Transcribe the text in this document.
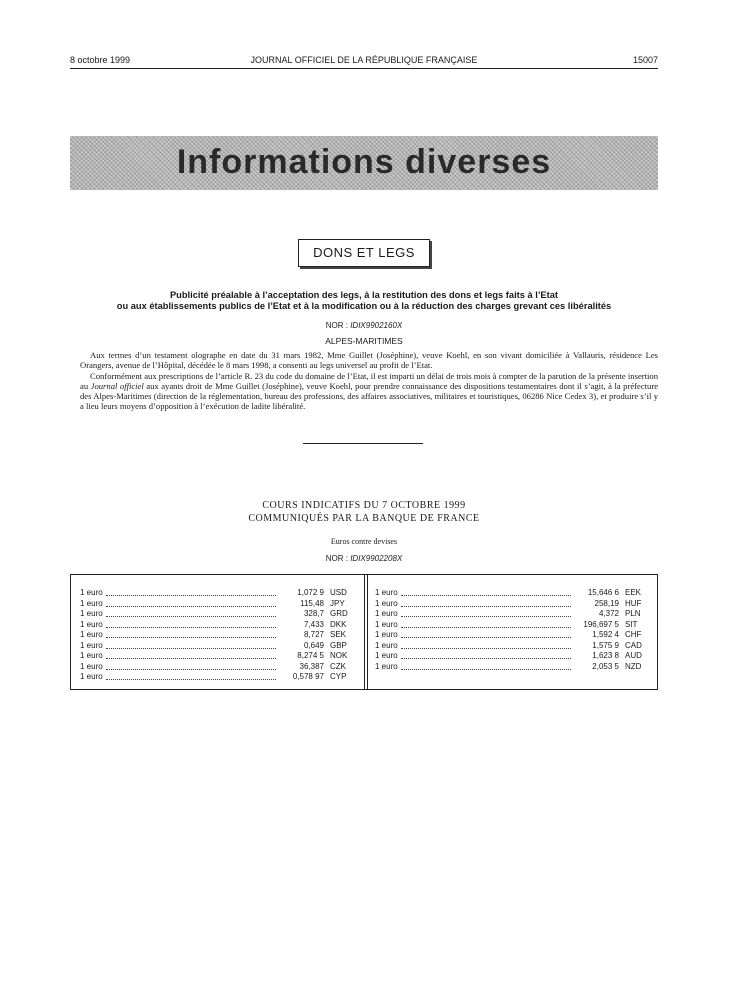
8 octobre 1999	JOURNAL OFFICIEL DE LA RÉPUBLIQUE FRANÇAISE	15007
Informations diverses
DONS ET LEGS
Publicité préalable à l’acceptation des legs, à la restitution des dons et legs faits à l’Etat
ou aux établissements publics de l’Etat et à la modification ou à la réduction des charges grevant ces libéralités
NOR : IDIX9902160X
ALPES-MARITIMES

Aux termes d’un testament olographe en date du 31 mars 1982, Mme Guillet (Joséphine), veuve Koehl, en son vivant domiciliée à Vallauris, résidence Les Orangers, avenue de l’Hôpital, décédée le 8 mars 1998, a consenti au legs universel au profit de l’Etat.

Conformément aux prescriptions de l’article R. 23 du code du domaine de l’Etat, il est imparti un délai de trois mois à compter de la parution de la présente insertion au Journal officiel aux ayants droit de Mme Guillet (Joséphine), veuve Koehl, pour prendre connaissance des dispositions testamentaires dont il s’agit, à la préfecture des Alpes-Maritimes (direction de la réglementation, bureau des professions, des affaires associatives, militaires et touristiques, 06286 Nice Cedex 3), et produire s’il y a lieu leurs moyens d’opposition à l’exécution de ladite libéralité.

COURS INDICATIFS DU 7 OCTOBRE 1999
COMMUNIQUÉS PAR LA BANQUE DE FRANCE
Euros contre devises
NOR : IDIX9902208X
1 euro	1,072 9 USD
1 euro	115,48 JPY
1 euro	328,7 GRD
1 euro	7,433 DKK
1 euro	8,727 SEK
1 euro	0,649 GBP
1 euro	8,274 5 NOK
1 euro	36,387 CZK
1 euro	0,578 97 CYP
1 euro	15,646 6 EEK
1 euro	258,19 HUF
1 euro	4,372 PLN
1 euro	196,697 5 SIT
1 euro	1,592 4 CHF
1 euro	1,575 9 CAD
1 euro	1,623 8 AUD
1 euro	2,053 5 NZD
